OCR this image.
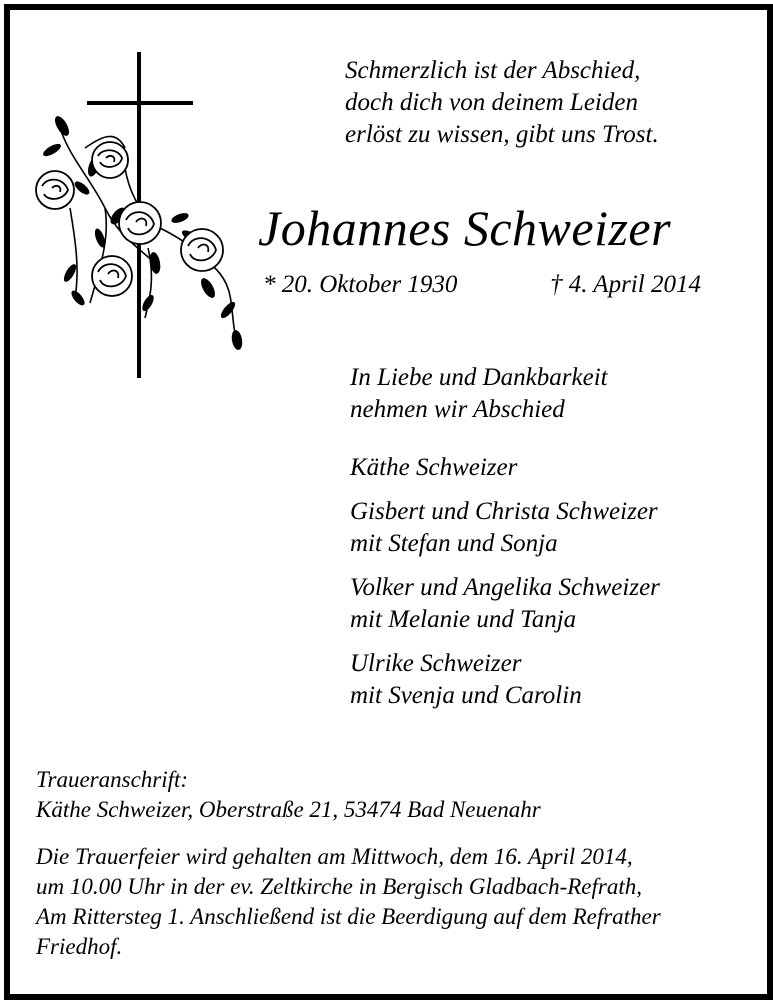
Schmerzlich ist der Abschied,
doch dich von deinem Leiden
erlöst zu wissen, gibt uns Trost.
Johannes Schweizer
* 20. Oktober 1930	† 4. April 2014
In Liebe und Dankbarkeit
nehmen wir Abschied
Käthe Schweizer
Gisbert und Christa Schweizer
mit Stefan und Sonja
Volker und Angelika Schweizer
mit Melanie und Tanja
Ulrike Schweizer
mit Svenja und Carolin
Traueranschrift:
Käthe Schweizer, Oberstraße 21, 53474 Bad Neuenahr
Die Trauerfeier wird gehalten am Mittwoch, dem 16. April 2014,
um 10.00 Uhr in der ev. Zeltkirche in Bergisch Gladbach-Refrath,
Am Rittersteg 1. Anschließend ist die Beerdigung auf dem Refrather
Friedhof.
